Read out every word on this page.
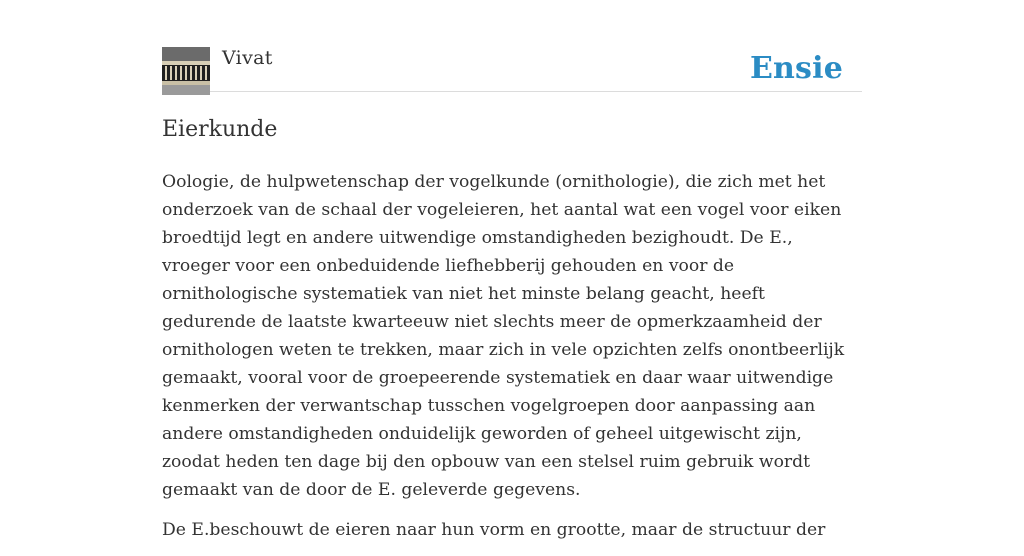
Vivat	Ensie
Eierkunde

Oologie, de hulpwetenschap der vogelkunde (ornithologie), die zich met het onderzoek van de schaal der vogeleieren, het aantal wat een vogel voor eiken broedtijd legt en andere uitwendige omstandigheden bezighoudt. De E., vroeger voor een onbeduidende liefhebberij gehouden en voor de ornithologische systematiek van niet het minste belang geacht, heeft gedurende de laatste kwarteeuw niet slechts meer de opmerkzaamheid der ornithologen weten te trekken, maar zich in vele opzichten zelfs onontbeerlijk gemaakt, vooral voor de groepeerende systematiek en daar waar uitwendige kenmerken der verwantschap tusschen vogelgroepen door aanpassing aan andere omstandigheden onduidelijk geworden of geheel uitgewischt zijn, zoodat heden ten dage bij den opbouw van een stelsel ruim gebruik wordt gemaakt van de door de E. geleverde gegevens.

De E.beschouwt de eieren naar hun vorm en grootte, maar de structuur der
